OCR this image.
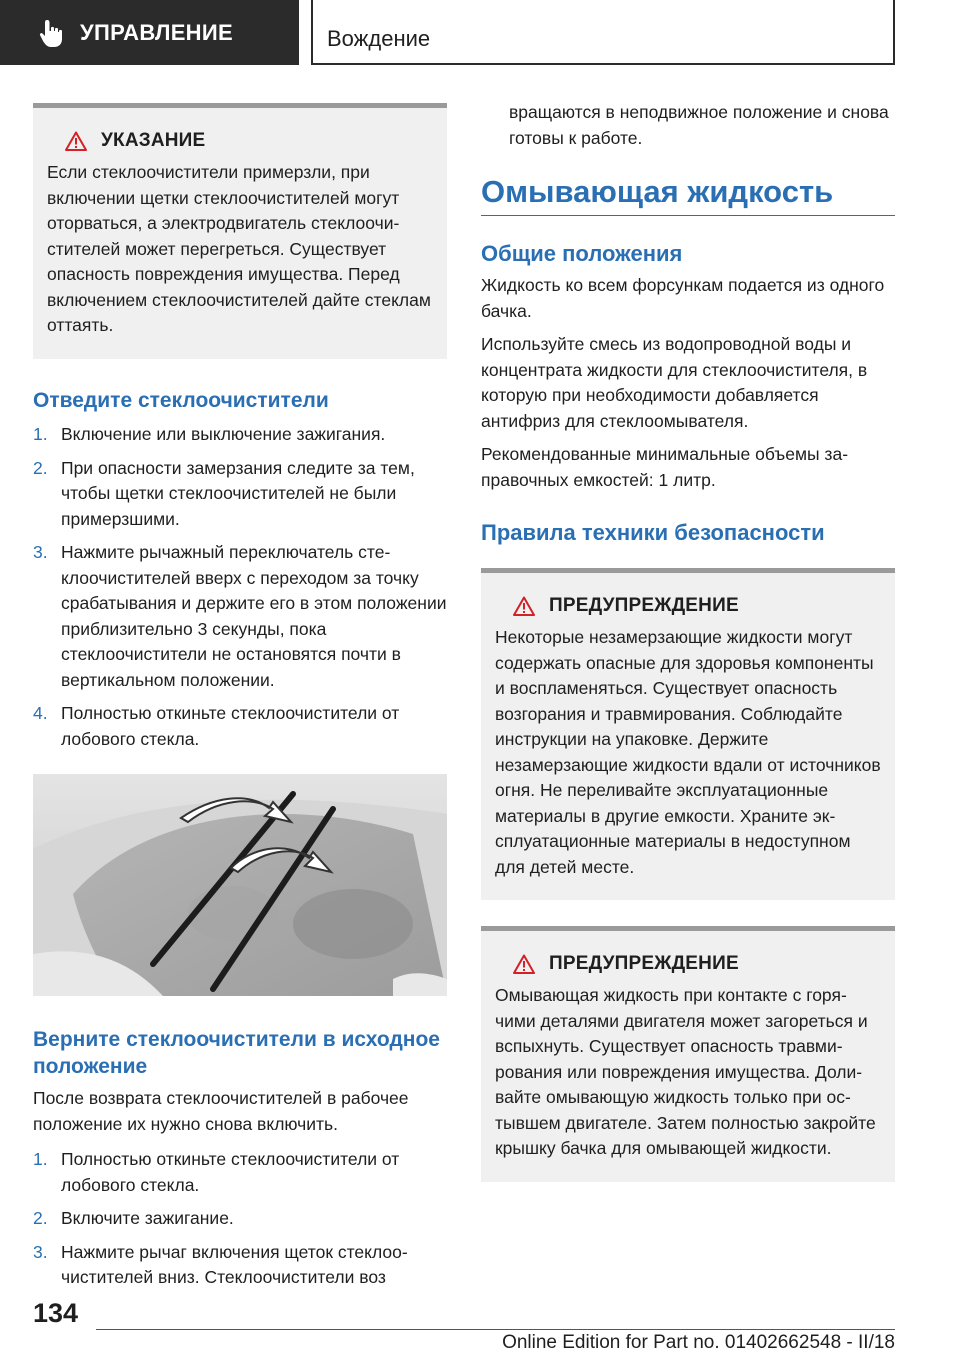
УПРАВЛЕНИЕ	Вождение
УКАЗАНИЕ

Если стеклоочистители примерзли, при включении щетки стеклоочистителей могут оторваться, а электродвигатель стеклоочистителей может перегреться. Существует опасность повреждения имущества. Перед включением стеклоочистителей дайте стеклам оттаять.

Отведите стеклоочистители
1. Включение или выключение зажигания.
2. При опасности замерзания следите за тем, чтобы щетки стеклоочистителей не были примерзшими.
3. Нажмите рычажный переключатель стеклоочистителей вверх с переходом за точку срабатывания и держите его в этом положении приблизительно 3 секунды, пока стеклоочистители не остановятся почти в вертикальном положении.
4. Полностью откиньте стеклоочистители от лобового стекла.
Верните стеклоочистители в исходное положение

После возврата стеклоочистителей в рабочее положение их нужно снова включить.

1. Полностью откиньте стеклоочистители от лобового стекла.
2. Включите зажигание.
3. Нажмите рычаг включения щеток стеклоочистителей вниз. Стеклоочистители воз

вращаются в неподвижное положение и снова готовы к работе.

Омывающая жидкость
Общие положения

Жидкость ко всем форсункам подается из одного бачка.

Используйте смесь из водопроводной воды и концентрата жидкости для стеклоочистителя, в которую при необходимости добавляется антифриз для стеклоомывателя.

Рекомендованные минимальные объемы заправочных емкостей: 1 литр.

Правила техники безопасности
ПРЕДУПРЕЖДЕНИЕ

Некоторые незамерзающие жидкости могут содержать опасные для здоровья компоненты и воспламеняться. Существует опасность возгорания и травмирования. Соблюдайте инструкции на упаковке. Держите незамерзающие жидкости вдали от источников огня. Не переливайте эксплуатационные материалы в другие емкости. Храните эксплуатационные материалы в недоступном для детей месте.

ПРЕДУПРЕЖДЕНИЕ

Омывающая жидкость при контакте с горячими деталями двигателя может загореться и вспыхнуть. Существует опасность травмирования или повреждения имущества. Доливайте омывающую жидкость только при остывшем двигателе. Затем полностью закройте крышку бачка для омывающей жидкости.

134
Online Edition for Part no. 01402662548 - II/18
